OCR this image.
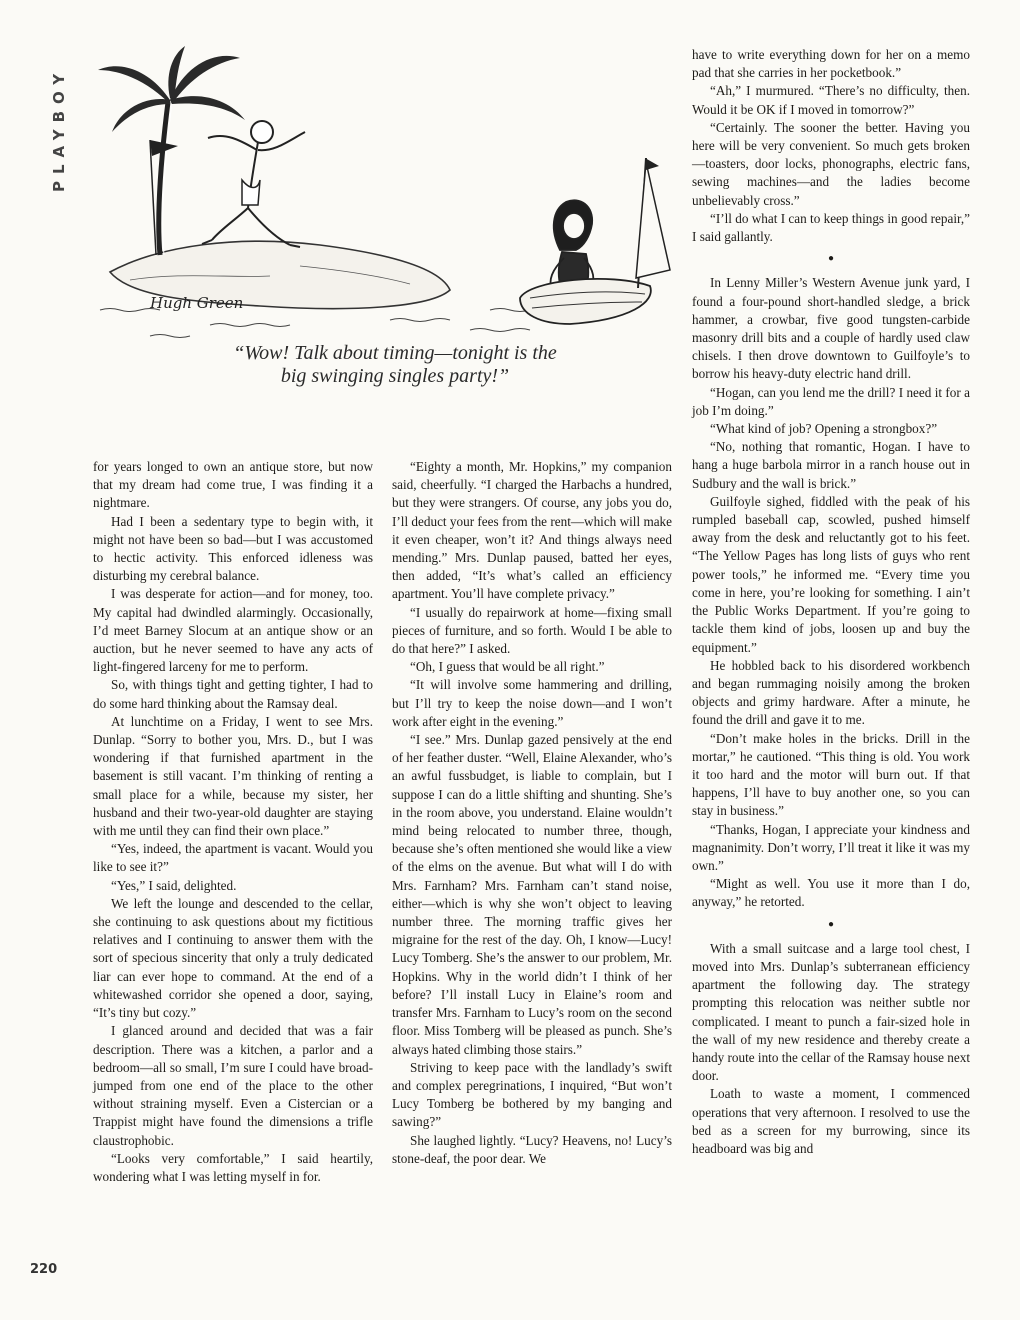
PLAYBOY
Hugh Green
“Wow! Talk about timing—tonight is the
big swinging singles party!”

for years longed to own an antique store, but now that my dream had come true, I was finding it a nightmare.

Had I been a sedentary type to begin with, it might not have been so bad—but I was accustomed to hectic activity. This enforced idleness was disturbing my cerebral balance.

I was desperate for action—and for money, too. My capital had dwindled alarmingly. Occasionally, I’d meet Barney Slocum at an antique show or an auction, but he never seemed to have any acts of light-fingered larceny for me to perform.

So, with things tight and getting tighter, I had to do some hard thinking about the Ramsay deal.

At lunchtime on a Friday, I went to see Mrs. Dunlap. “Sorry to bother you, Mrs. D., but I was wondering if that furnished apartment in the basement is still vacant. I’m thinking of renting a small place for a while, because my sister, her husband and their two-year-old daughter are staying with me until they can find their own place.”

“Yes, indeed, the apartment is vacant. Would you like to see it?”

“Yes,” I said, delighted.

We left the lounge and descended to the cellar, she continuing to ask questions about my fictitious relatives and I continuing to answer them with the sort of specious sincerity that only a truly dedicated liar can ever hope to command. At the end of a whitewashed corridor she opened a door, saying, “It’s tiny but cozy.”

I glanced around and decided that was a fair description. There was a kitchen, a parlor and a bedroom—all so small, I’m sure I could have broad-jumped from one end of the place to the other without straining myself. Even a Cistercian or a Trappist might have found the dimensions a trifle claustrophobic.

“Looks very comfortable,” I said heartily, wondering what I was letting myself in for.

“Eighty a month, Mr. Hopkins,” my companion said, cheerfully. “I charged the Harbachs a hundred, but they were strangers. Of course, any jobs you do, I’ll deduct your fees from the rent—which will make it even cheaper, won’t it? And things always need mending.” Mrs. Dunlap paused, batted her eyes, then added, “It’s what’s called an efficiency apartment. You’ll have complete privacy.”

“I usually do repairwork at home—fixing small pieces of furniture, and so forth. Would I be able to do that here?” I asked.

“Oh, I guess that would be all right.”

“It will involve some hammering and drilling, but I’ll try to keep the noise down—and I won’t work after eight in the evening.”

“I see.” Mrs. Dunlap gazed pensively at the end of her feather duster. “Well, Elaine Alexander, who’s an awful fussbudget, is liable to complain, but I suppose I can do a little shifting and shunting. She’s in the room above, you understand. Elaine wouldn’t mind being relocated to number three, though, because she’s often mentioned she would like a view of the elms on the avenue. But what will I do with Mrs. Farnham? Mrs. Farnham can’t stand noise, either—which is why she won’t object to leaving number three. The morning traffic gives her migraine for the rest of the day. Oh, I know—Lucy! Lucy Tomberg. She’s the answer to our problem, Mr. Hopkins. Why in the world didn’t I think of her before? I’ll install Lucy in Elaine’s room and transfer Mrs. Farnham to Lucy’s room on the second floor. Miss Tomberg will be pleased as punch. She’s always hated climbing those stairs.”

Striving to keep pace with the landlady’s swift and complex peregrinations, I inquired, “But won’t Lucy Tomberg be bothered by my banging and sawing?”

She laughed lightly. “Lucy? Heavens, no! Lucy’s stone-deaf, the poor dear. We

have to write everything down for her on a memo pad that she carries in her pocketbook.”

“Ah,” I murmured. “There’s no difficulty, then. Would it be OK if I moved in tomorrow?”

“Certainly. The sooner the better. Having you here will be very convenient. So much gets broken—toasters, door locks, phonographs, electric fans, sewing machines—and the ladies become unbelievably cross.”

“I’ll do what I can to keep things in good repair,” I said gallantly.

●

In Lenny Miller’s Western Avenue junk yard, I found a four-pound short-handled sledge, a brick hammer, a crowbar, five good tungsten-carbide masonry drill bits and a couple of hardly used claw chisels. I then drove downtown to Guilfoyle’s to borrow his heavy-duty electric hand drill.

“Hogan, can you lend me the drill? I need it for a job I’m doing.”

“What kind of job? Opening a strongbox?”

“No, nothing that romantic, Hogan. I have to hang a huge barbola mirror in a ranch house out in Sudbury and the wall is brick.”

Guilfoyle sighed, fiddled with the peak of his rumpled baseball cap, scowled, pushed himself away from the desk and reluctantly got to his feet. “The Yellow Pages has long lists of guys who rent power tools,” he informed me. “Every time you come in here, you’re looking for something. I ain’t the Public Works Department. If you’re going to tackle them kind of jobs, loosen up and buy the equipment.”

He hobbled back to his disordered workbench and began rummaging noisily among the broken objects and grimy hardware. After a minute, he found the drill and gave it to me.

“Don’t make holes in the bricks. Drill in the mortar,” he cautioned. “This thing is old. You work it too hard and the motor will burn out. If that happens, I’ll have to buy another one, so you can stay in business.”

“Thanks, Hogan, I appreciate your kindness and magnanimity. Don’t worry, I’ll treat it like it was my own.”

“Might as well. You use it more than I do, anyway,” he retorted.

●

With a small suitcase and a large tool chest, I moved into Mrs. Dunlap’s subterranean efficiency apartment the following day. The strategy prompting this relocation was neither subtle nor complicated. I meant to punch a fair-sized hole in the wall of my new residence and thereby create a handy route into the cellar of the Ramsay house next door.

Loath to waste a moment, I commenced operations that very afternoon. I resolved to use the bed as a screen for my burrowing, since its headboard was big and

220
